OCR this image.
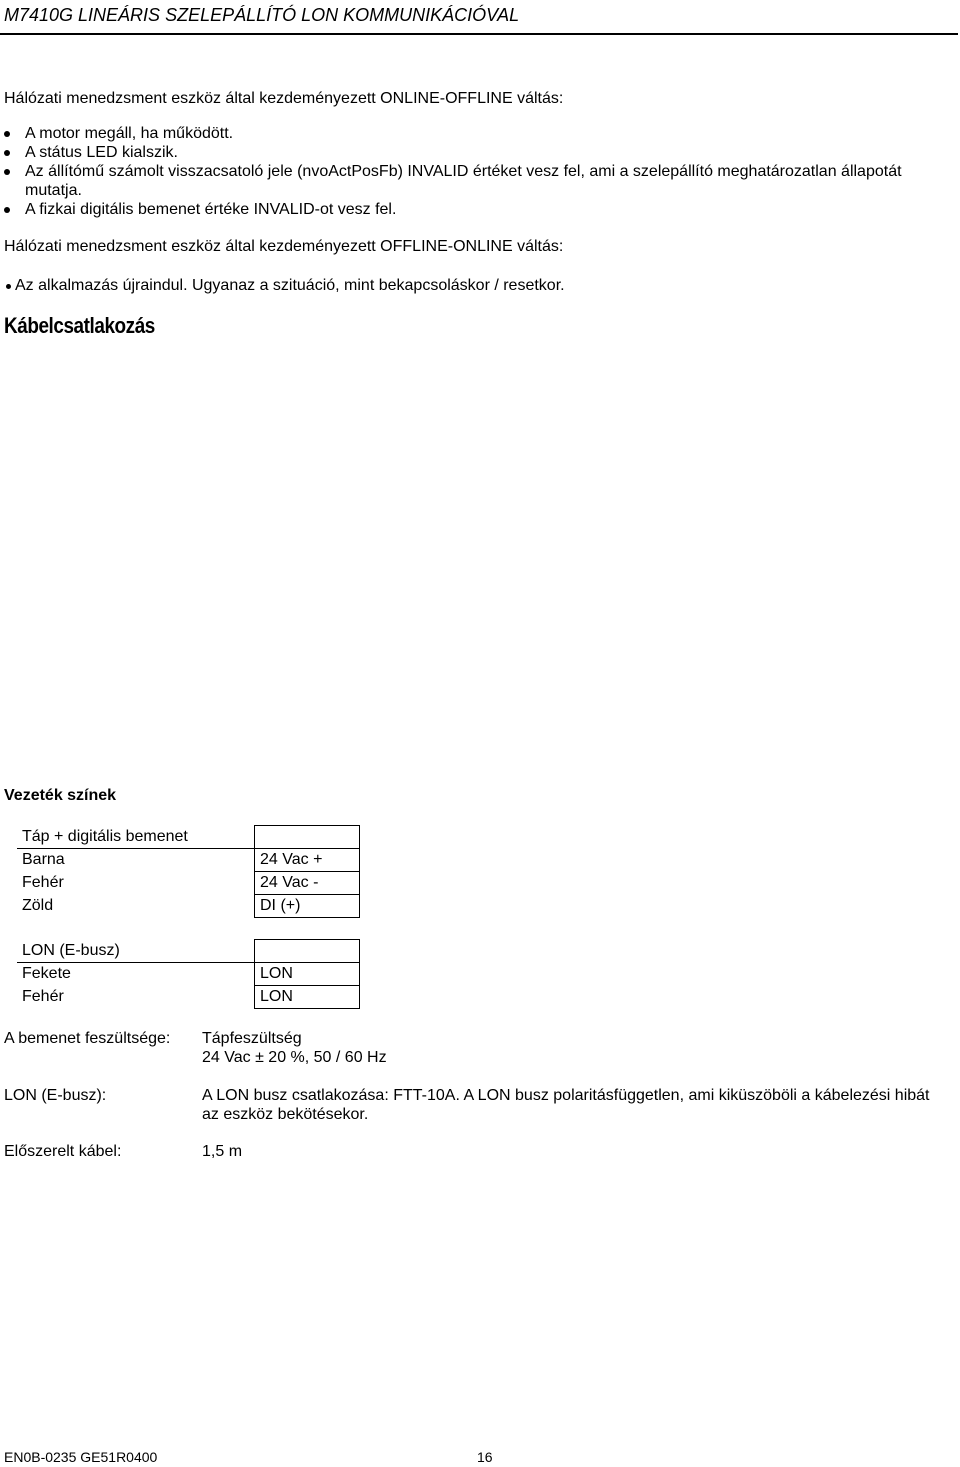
M7410G LINEÁRIS SZELEPÁLLÍTÓ LON KOMMUNIKÁCIÓVAL
Hálózati menedzsment eszköz által kezdeményezett ONLINE-OFFLINE váltás:
A motor megáll, ha működött.
A státus LED kialszik.
Az állítómű számolt visszacsatoló jele (nvoActPosFb) INVALID értéket vesz fel, ami a szelepállító meghatározatlan állapotát mutatja.
A fizkai digitális bemenet értéke INVALID-ot vesz fel.
Hálózati menedzsment eszköz által kezdeményezett OFFLINE-ONLINE váltás:
Az alkalmazás újraindul. Ugyanaz a szituáció, mint bekapcsoláskor / resetkor.
Kábelcsatlakozás
Vezeték színek
Táp + digitális bemenet	
Barna	24 Vac +
Fehér	24 Vac -
Zöld	DI (+)
LON (E-busz)	
Fekete	LON
Fehér	LON
A bemenet feszültsége: Tápfeszültség
24 Vac ± 20 %, 50 / 60 Hz
LON (E-busz):	A LON busz csatlakozása: FTT-10A. A LON busz polaritásfüggetlen, ami kiküszöböli a kábelezési hibát az eszköz bekötésekor.
Előszerelt kábel:	1,5 m
EN0B-0235 GE51R0400	16
